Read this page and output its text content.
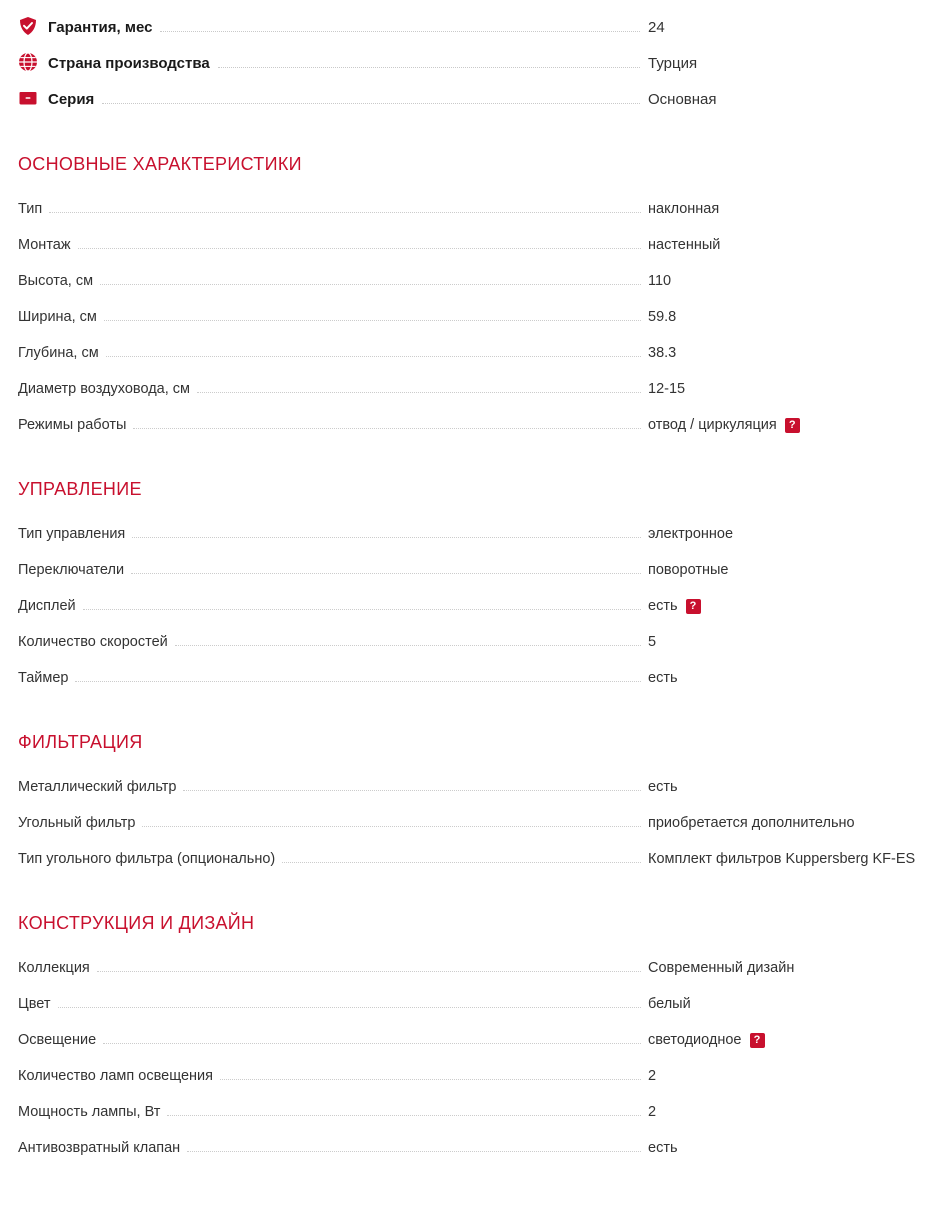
Гарантия, мес	24
Страна производства	Турция
Серия	Основная
ОСНОВНЫЕ ХАРАКТЕРИСТИКИ
Тип	наклонная
Монтаж	настенный
Высота, см	110
Ширина, см	59.8
Глубина, см	38.3
Диаметр воздуховода, см	12-15
Режимы работы	отвод / циркуляция	?
УПРАВЛЕНИЕ
Тип управления	электронное
Переключатели	поворотные
Дисплей	есть	?
Количество скоростей	5
Таймер	есть
ФИЛЬТРАЦИЯ
Металлический фильтр	есть
Угольный фильтр	приобретается дополнительно
Тип угольного фильтра (опционально)	Комплект фильтров Kuppersberg KF-ES
КОНСТРУКЦИЯ И ДИЗАЙН
Коллекция	Современный дизайн
Цвет	белый
Освещение	светодиодное	?
Количество ламп освещения	2
Мощность лампы, Вт	2
Антивозвратный клапан	есть
